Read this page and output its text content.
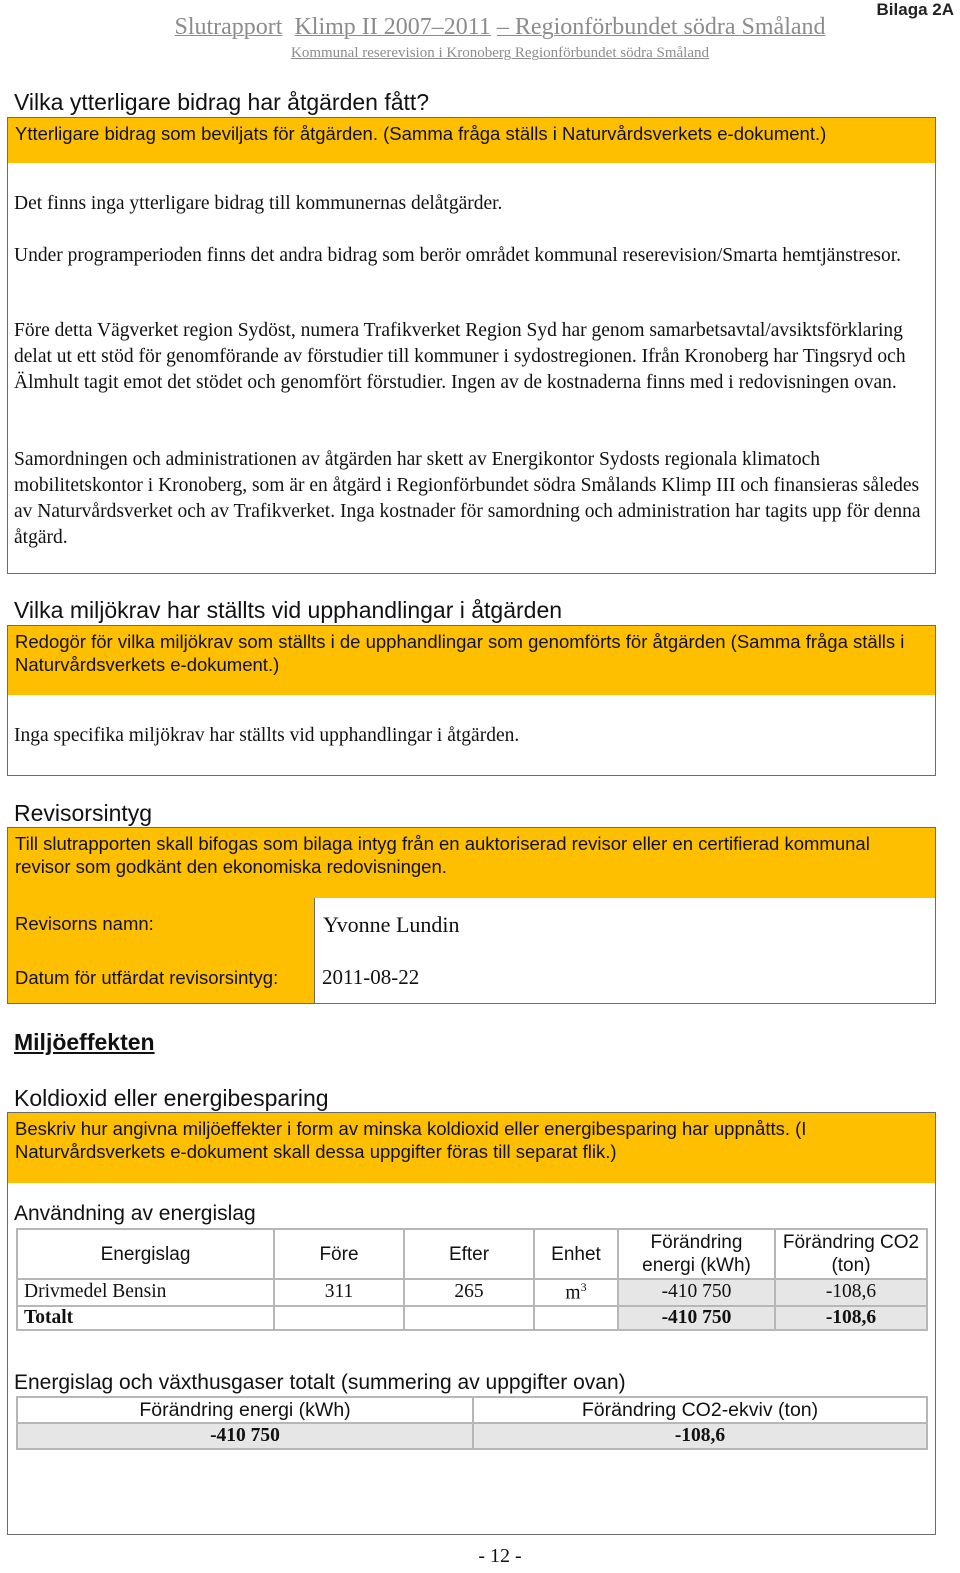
Bilaga 2A
Slutrapport Klimp II 2007–2011 – Regionförbundet södra Småland
Kommunal reserevision i Kronoberg Regionförbundet södra Småland
Vilka ytterligare bidrag har åtgärden fått?
Ytterligare bidrag som beviljats för åtgärden. (Samma fråga ställs i Naturvårdsverkets e-dokument.)

Det finns inga ytterligare bidrag till kommunernas delåtgärder.

Under programperioden finns det andra bidrag som berör området kommunal reserevision/Smarta hemtjänstresor.

Före detta Vägverket region Sydöst, numera Trafikverket Region Syd har genom samarbetsavtal/avsiktsförklaring delat ut ett stöd för genomförande av förstudier till kommuner i sydostregionen. Ifrån Kronoberg har Tingsryd och Älmhult tagit emot det stödet och genomfört förstudier. Ingen av de kostnaderna finns med i redovisningen ovan.

Samordningen och administrationen av åtgärden har skett av Energikontor Sydosts regionala klimatoch mobilitetskontor i Kronoberg, som är en åtgärd i Regionförbundet södra Smålands Klimp III och finansieras således av Naturvårdsverket och av Trafikverket. Inga kostnader för samordning och administration har tagits upp för denna åtgärd.

Vilka miljökrav har ställts vid upphandlingar i åtgärden
Redogör för vilka miljökrav som ställts i de upphandlingar som genomförts för åtgärden (Samma fråga ställs i Naturvårdsverkets e-dokument.)

Inga specifika miljökrav har ställts vid upphandlingar i åtgärden.

Revisorsintyg
Till slutrapporten skall bifogas som bilaga intyg från en auktoriserad revisor eller en certifierad kommunal revisor som godkänt den ekonomiska redovisningen.
Revisorns namn:	Yvonne Lundin
Datum för utfärdat revisorsintyg:	2011-08-22
Miljöeffekten
Koldioxid eller energibesparing
Beskriv hur angivna miljöeffekter i form av minska koldioxid eller energibesparing har uppnåtts. (I Naturvårdsverkets e-dokument skall dessa uppgifter föras till separat flik.)
Användning av energislag
Energislag	Före	Efter	Enhet	Förändring energi (kWh)	Förändring CO2 (ton)
Drivmedel Bensin	311	265	$m^3$	-410 750	-108,6
Totalt				-410 750	-108,6
Energislag och växthusgaser totalt (summering av uppgifter ovan)
Förändring energi (kWh)	Förändring CO2-ekviv (ton)
-410 750	-108,6
- 12 -
